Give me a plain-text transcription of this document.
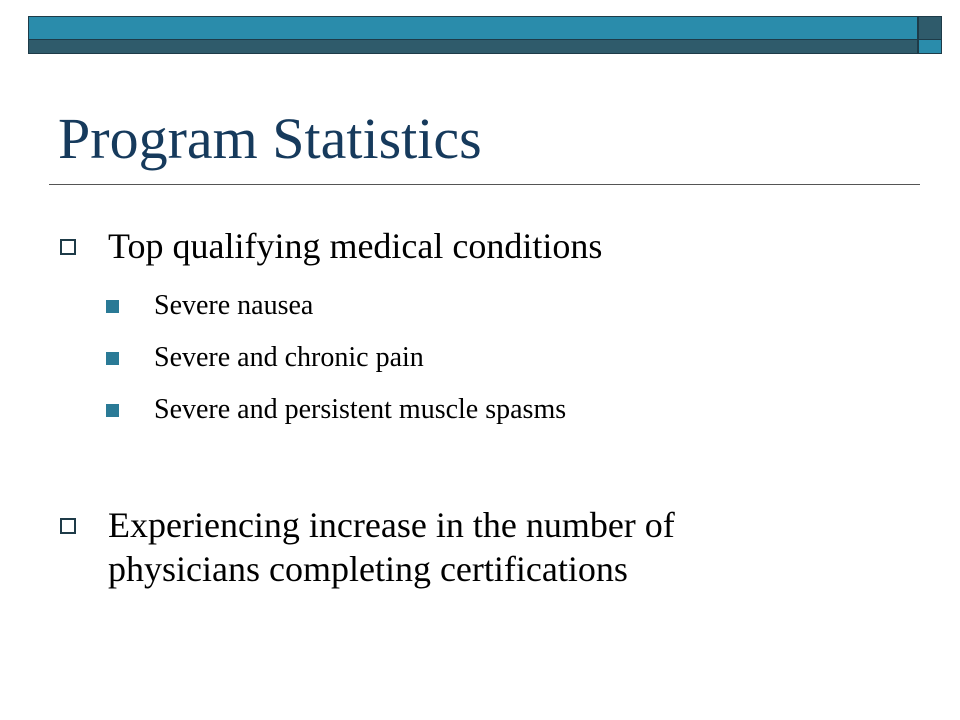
Program Statistics
Top qualifying medical conditions
Severe nausea
Severe and chronic pain
Severe and persistent muscle spasms
Experiencing increase in the number of physicians completing certifications
